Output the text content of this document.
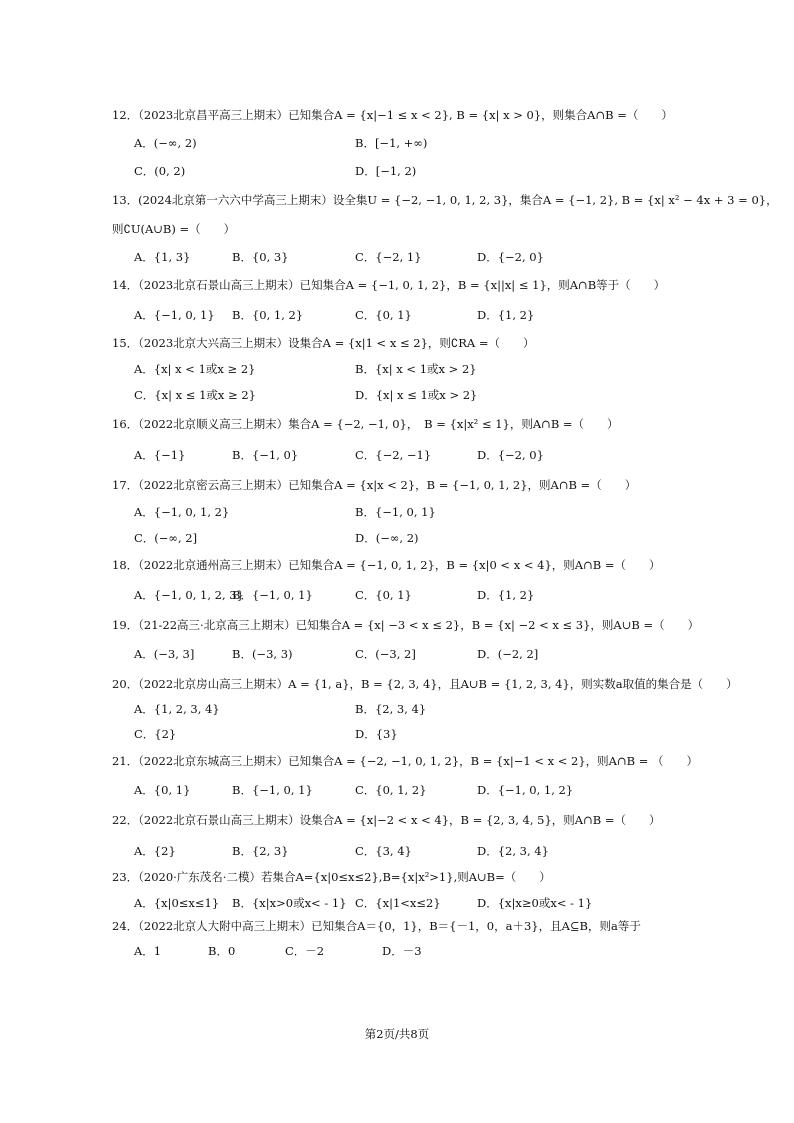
12．（2023北京昌平高三上期末）已知集合A = {x|−1 ≤ x < 2}, B = {x| x > 0}，则集合A∩B =（　　）
A．(−∞, 2)	B．[−1, +∞)
C．(0, 2)	D．[−1, 2)
13．(2024北京第一六六中学高三上期末）设全集U = {−2, −1, 0, 1, 2, 3}，集合A = {−1, 2}, B = {x| x² − 4x + 3 = 0}，
则∁U(A∪B) =（　　）
A．{1, 3}	B．{0, 3}	C．{−2, 1}	D．{−2, 0}
14．（2023北京石景山高三上期末）已知集合A = {−1, 0, 1, 2}，B = {x||x| ≤ 1}，则A∩B等于（　　）
A．{−1, 0, 1} B．{0, 1, 2}	C．{0, 1}	D．{1, 2}
15．（2023北京大兴高三上期末）设集合A = {x|1 < x ≤ 2}，则∁RA =（　　）
A．{x| x < 1或x ≥ 2}	B．{x| x < 1或x > 2}
C．{x| x ≤ 1或x ≥ 2}	D．{x| x ≤ 1或x > 2}
16．（2022北京顺义高三上期末）集合A = {−2, −1, 0}，　B = {x|x² ≤ 1}，则A∩B =（　　）
A．{−1}	B．{−1, 0}	C．{−2, −1}	D．{−2, 0}
17．（2022北京密云高三上期末）已知集合A = {x|x < 2}，B = {−1, 0, 1, 2}，则A∩B =（　　）
A．{−1, 0, 1, 2}	B．{−1, 0, 1}
C．(−∞, 2]	D．(−∞, 2)
18．（2022北京通州高三上期末）已知集合A = {−1, 0, 1, 2}，B = {x|0 < x < 4}，则A∩B =（　　）
A．{−1, 0, 1, 2, 3}
B．{−1, 0, 1}	C．{0, 1}	D．{1, 2}
19．（21-22高三·北京高三上期末）已知集合A = {x| −3 < x ≤ 2}，B = {x| −2 < x ≤ 3}，则A∪B =（　　）
A．(−3, 3]	B．(−3, 3)	C．(−3, 2]	D．(−2, 2]
20．（2022北京房山高三上期末）A = {1, a}，B = {2, 3, 4}，且A∪B = {1, 2, 3, 4}，则实数a取值的集合是（　　）
A．{1, 2, 3, 4}	B．{2, 3, 4}
C．{2}	D．{3}
21．（2022北京东城高三上期末）已知集合A = {−2, −1, 0, 1, 2}，B = {x|−1 < x < 2}，则A∩B = （　　）
A．{0, 1}	B．{−1, 0, 1}	C．{0, 1, 2}	D．{−1, 0, 1, 2}
22．（2022北京石景山高三上期末）设集合A = {x|−2 < x < 4}，B = {2, 3, 4, 5}，则A∩B =（　　）
A．{2}	B．{2, 3}	C．{3, 4}	D．{2, 3, 4}
23．（2020·广东茂名·二模）若集合A={x|0≤x≤2},B={x|x²>1},则A∪B=（　　）
A．{x|0≤x≤1} B．{x|x>0或x< - 1} C．{x|1<x≤2}	D．{x|x≥0或x< - 1}
24．（2022北京人大附中高三上期末）已知集合A＝{0，1}，B＝{－1，0，a＋3}，且A⊆B，则a等于
A．1	B．0	C．－2	D．－3
第2页/共8页
